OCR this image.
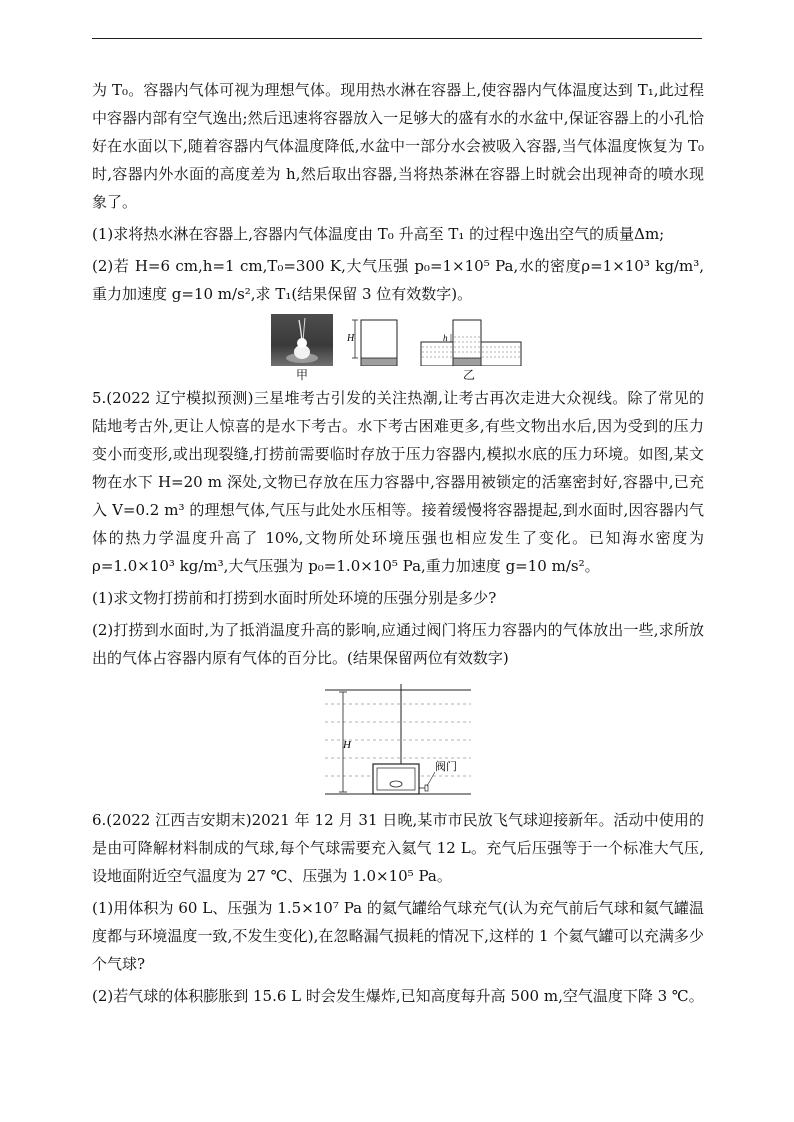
为 T₀。容器内气体可视为理想气体。现用热水淋在容器上,使容器内气体温度达到 T₁,此过程中容器内部有空气逸出;然后迅速将容器放入一足够大的盛有水的水盆中,保证容器上的小孔恰好在水面以下,随着容器内气体温度降低,水盆中一部分水会被吸入容器,当气体温度恢复为 T₀时,容器内外水面的高度差为 h,然后取出容器,当将热茶淋在容器上时就会出现神奇的喷水现象了。

(1)求将热水淋在容器上,容器内气体温度由 T₀ 升高至 T₁ 的过程中逸出空气的质量Δm;

(2)若 H=6 cm,h=1 cm,T₀=300 K,大气压强 p₀=1×10⁵ Pa,水的密度ρ=1×10³ kg/m³,重力加速度 g=10 m/s²,求 T₁(结果保留 3 位有效数字)。

甲
H	h
乙

5.(2022 辽宁模拟预测)三星堆考古引发的关注热潮,让考古再次走进大众视线。除了常见的陆地考古外,更让人惊喜的是水下考古。水下考古困难更多,有些文物出水后,因为受到的压力变小而变形,或出现裂缝,打捞前需要临时存放于压力容器内,模拟水底的压力环境。如图,某文物在水下 H=20 m 深处,文物已存放在压力容器中,容器用被锁定的活塞密封好,容器中,已充入 V=0.2 m³ 的理想气体,气压与此处水压相等。接着缓慢将容器提起,到水面时,因容器内气体的热力学温度升高了 10%,文物所处环境压强也相应发生了变化。已知海水密度为ρ=1.0×10³ kg/m³,大气压强为 p₀=1.0×10⁵ Pa,重力加速度 g=10 m/s²。

(1)求文物打捞前和打捞到水面时所处环境的压强分别是多少?

(2)打捞到水面时,为了抵消温度升高的影响,应通过阀门将压力容器内的气体放出一些,求所放出的气体占容器内原有气体的百分比。(结果保留两位有效数字)

H
阀门

6.(2022 江西吉安期末)2021 年 12 月 31 日晚,某市市民放飞气球迎接新年。活动中使用的是由可降解材料制成的气球,每个气球需要充入氦气 12 L。充气后压强等于一个标准大气压,设地面附近空气温度为 27 ℃、压强为 1.0×10⁵ Pa。

(1)用体积为 60 L、压强为 1.5×10⁷ Pa 的氦气罐给气球充气(认为充气前后气球和氦气罐温度都与环境温度一致,不发生变化),在忽略漏气损耗的情况下,这样的 1 个氦气罐可以充满多少个气球?

(2)若气球的体积膨胀到 15.6 L 时会发生爆炸,已知高度每升高 500 m,空气温度下降 3 ℃。
